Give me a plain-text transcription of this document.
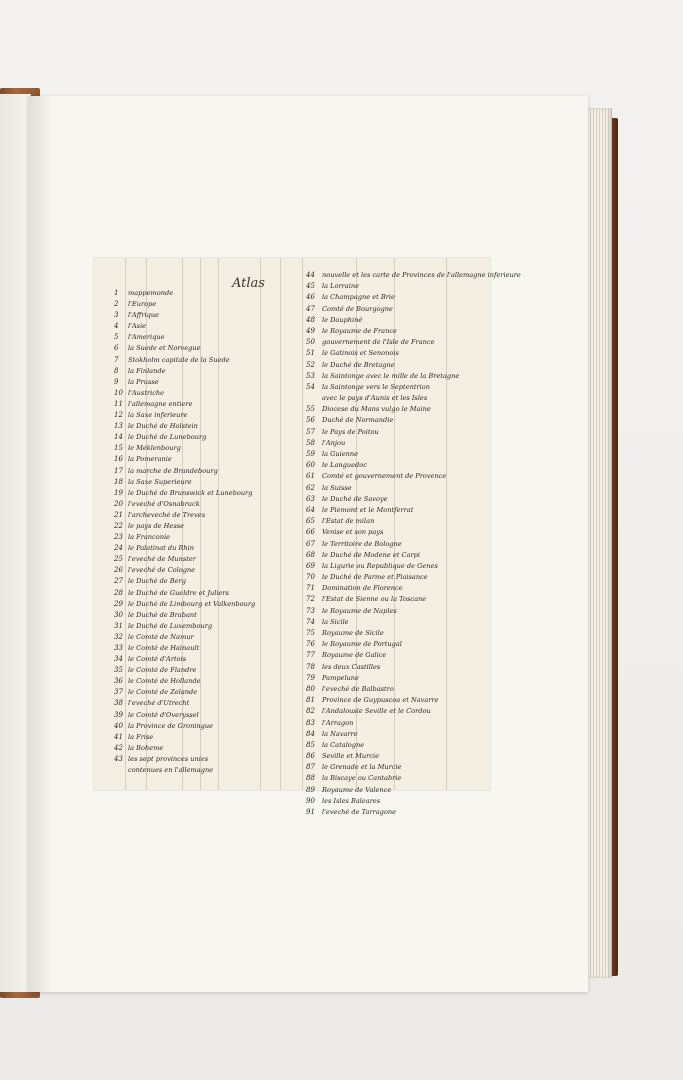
Atlas
1	mappemonde
2	l'Europe
3	l'Affrique
4	l'Asie
5	l'Amerique
6	la Suede et Norvegue
7	Stokholm capitale de la Suede
8	la Finlande
9	la Prusse
10 l'Austriche
11 l'allemagne entiere
12 la Saxe inferieure
13 le Duché de Holstein
14 le Duché de Lunebourg
15 le Meklenbourg
16 la Pomeranie
17 la marche de Brandebourg
18 la Saxe Superieure
19 le Duché de Brunswick et Lunebourg
20 l'eveché d'Osnabruck
21 l'archeveché de Treves
22 le pays de Hesse
23 la Franconie
24 le Palatinat du Rhin
25 l'eveché de Munster
26 l'eveché de Cologne
27 le Duché de Berg
28 le Duché de Gueldre et Juliers
29 le Duché de Limbourg et Valkenbourg
30 le Duché de Brabant
31 le Duché de Luxembourg
32 le Comté de Namur
33 le Comté de Hainault
34 le Comté d'Artois
35 le Comté de Flandre
36 le Comté de Hollande
37 le Comté de Zelande
38 l'eveché d'Utrecht
39 le Comté d'Overyssel
40 la Province de Groningue
41 la Frise
42 la Boheme
43 les sept provinces unies
contenues en l'allemagne
44	nouvelle et les carte de Provinces de l'allemagne inferieure
45	la Lorraine
46	la Champagne et Brie
47	Comté de Bourgogne
48	le Dauphiné
49	le Royaume de France
50	gouvernement de l'Isle de France
51	le Gatinois et Senonois
52	le Duché de Bretagne
53	la Saintonge avec le mille de la Bretagne
54	la Saintonge vers le Septentrion
avec le pays d'Aunis et les Isles
55	Diocese du Mans vulgo le Maine
56	Duché de Normandie
57	le Pays de Poitou
58	l'Anjou
59	la Guienne
60	le Languedoc
61	Comté et gouvernement de Provence
62	la Suisse
63	le Duché de Savoye
64	le Piemont et le Montferrat
65	l'Estat de milan
66	Venise et son pays
67	le Territoire de Bologne
68	le Duché de Modene et Carpi
69	la Ligurie ou Republique de Genes
70	le Duché de Parme et Plaisance
71	Domination de Florence
72	l'Estat de Sienne ou la Toscane
73	le Royaume de Naples
74	la Sicile
75	Royaume de Sicile
76	le Royaume de Portugal
77	Royaume de Galice
78	les deux Castilles
79	Pampelune
80	l'eveché de Balbastro
81	Province de Guypuscoa et Navarre
82	l'Andalousie Seville et le Cordou
83	l'Arragon
84	la Navarre
85	la Catalogne
86	Seville et Murcie
87	le Grenade et la Murcie
88	la Biscaye ou Cantabrie
89	Royaume de Valence
90	les Isles Baleares
91	l'eveché de Tarragone
